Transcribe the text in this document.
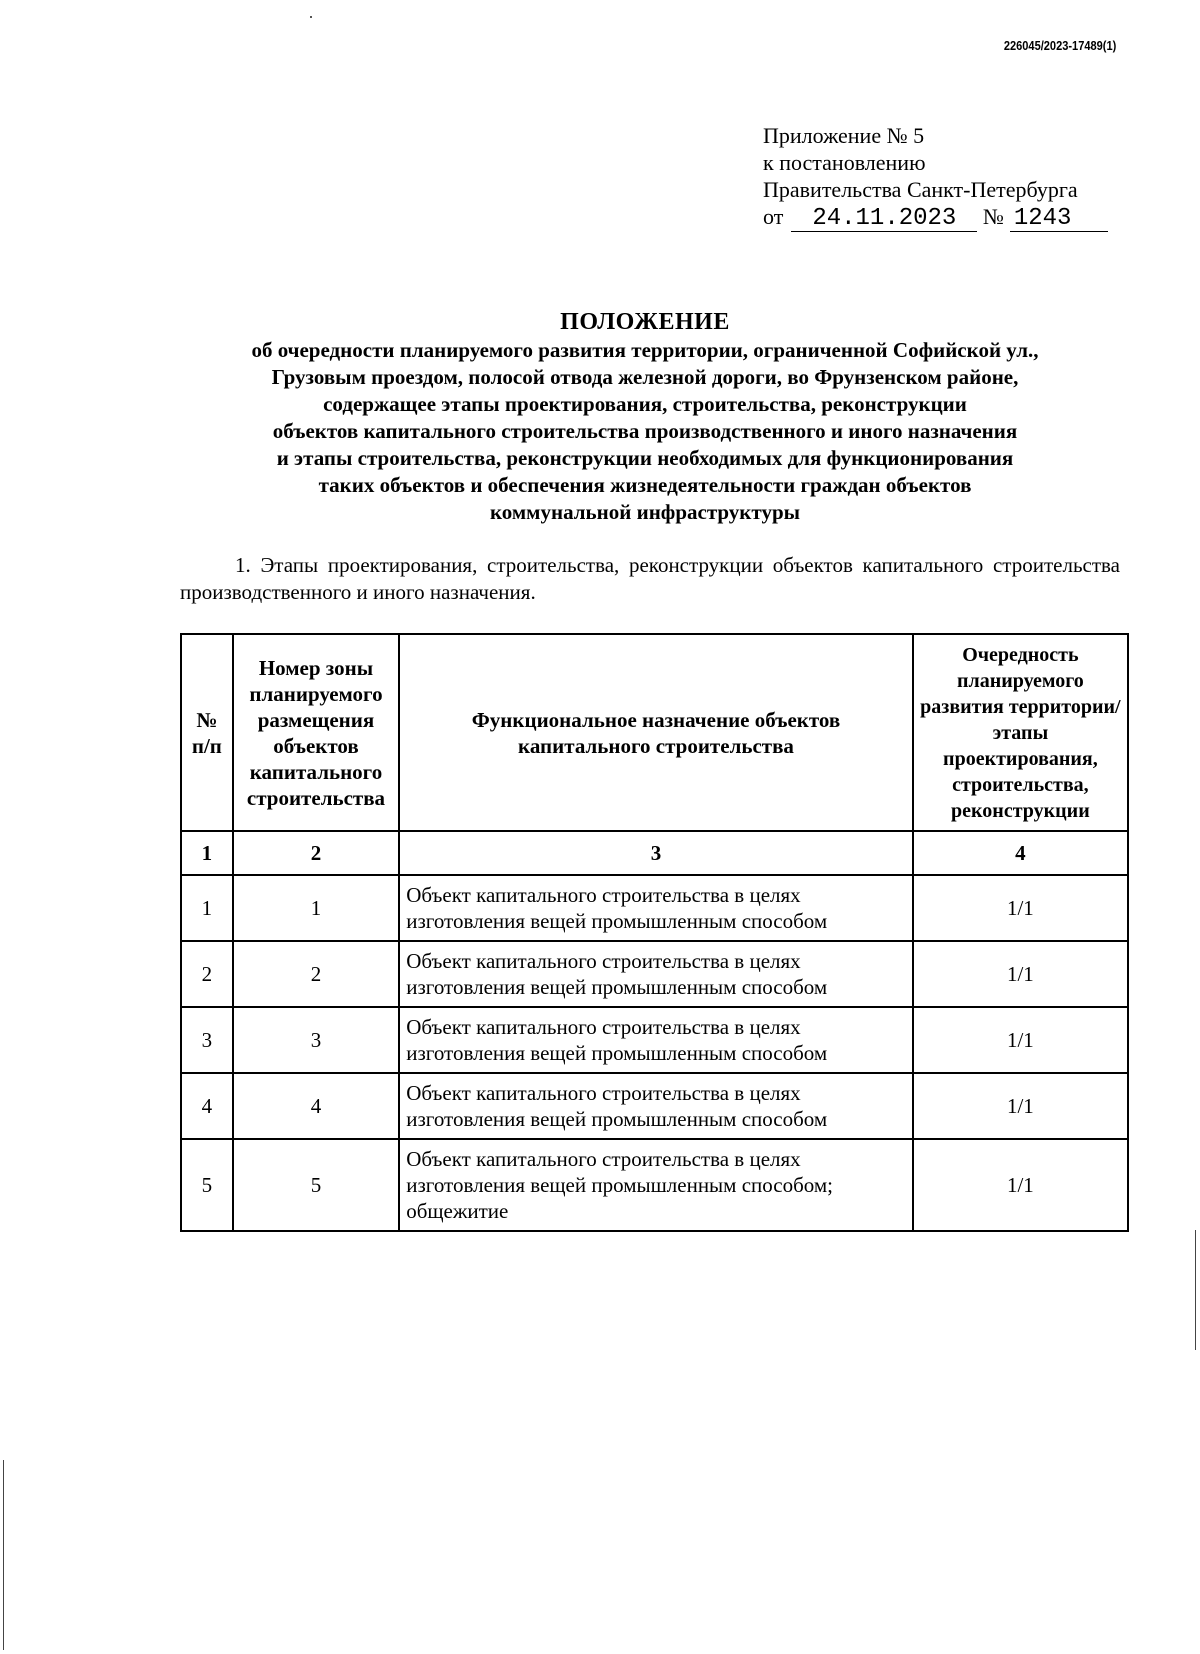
226045/2023-17489(1)
Приложение № 5
к постановлению
Правительства Санкт-Петербурга
от 24.11.2023 № 1243
ПОЛОЖЕНИЕ
об очередности планируемого развития территории, ограниченной Софийской ул.,
Грузовым проездом, полосой отвода железной дороги, во Фрунзенском районе,
содержащее этапы проектирования, строительства, реконструкции
объектов капитального строительства производственного и иного назначения
и этапы строительства, реконструкции необходимых для функционирования
таких объектов и обеспечения жизнедеятельности граждан объектов
коммунальной инфраструктуры
1. Этапы проектирования, строительства, реконструкции объектов капитального строительства производственного и иного назначения.
№ п/п	Номер зоны планируемого размещения объектов капитального строительства	Функциональное назначение объектов капитального строительства	Очередность планируемого развития территории/этапы проектирования, строительства, реконструкции
1	2	3	4
1	1	Объект капитального строительства в целях изготовления вещей промышленным способом	1/1
2	2	Объект капитального строительства в целях изготовления вещей промышленным способом	1/1
3	3	Объект капитального строительства в целях изготовления вещей промышленным способом	1/1
4	4	Объект капитального строительства в целях изготовления вещей промышленным способом	1/1
5	5	Объект капитального строительства в целях изготовления вещей промышленным способом; общежитие	1/1
